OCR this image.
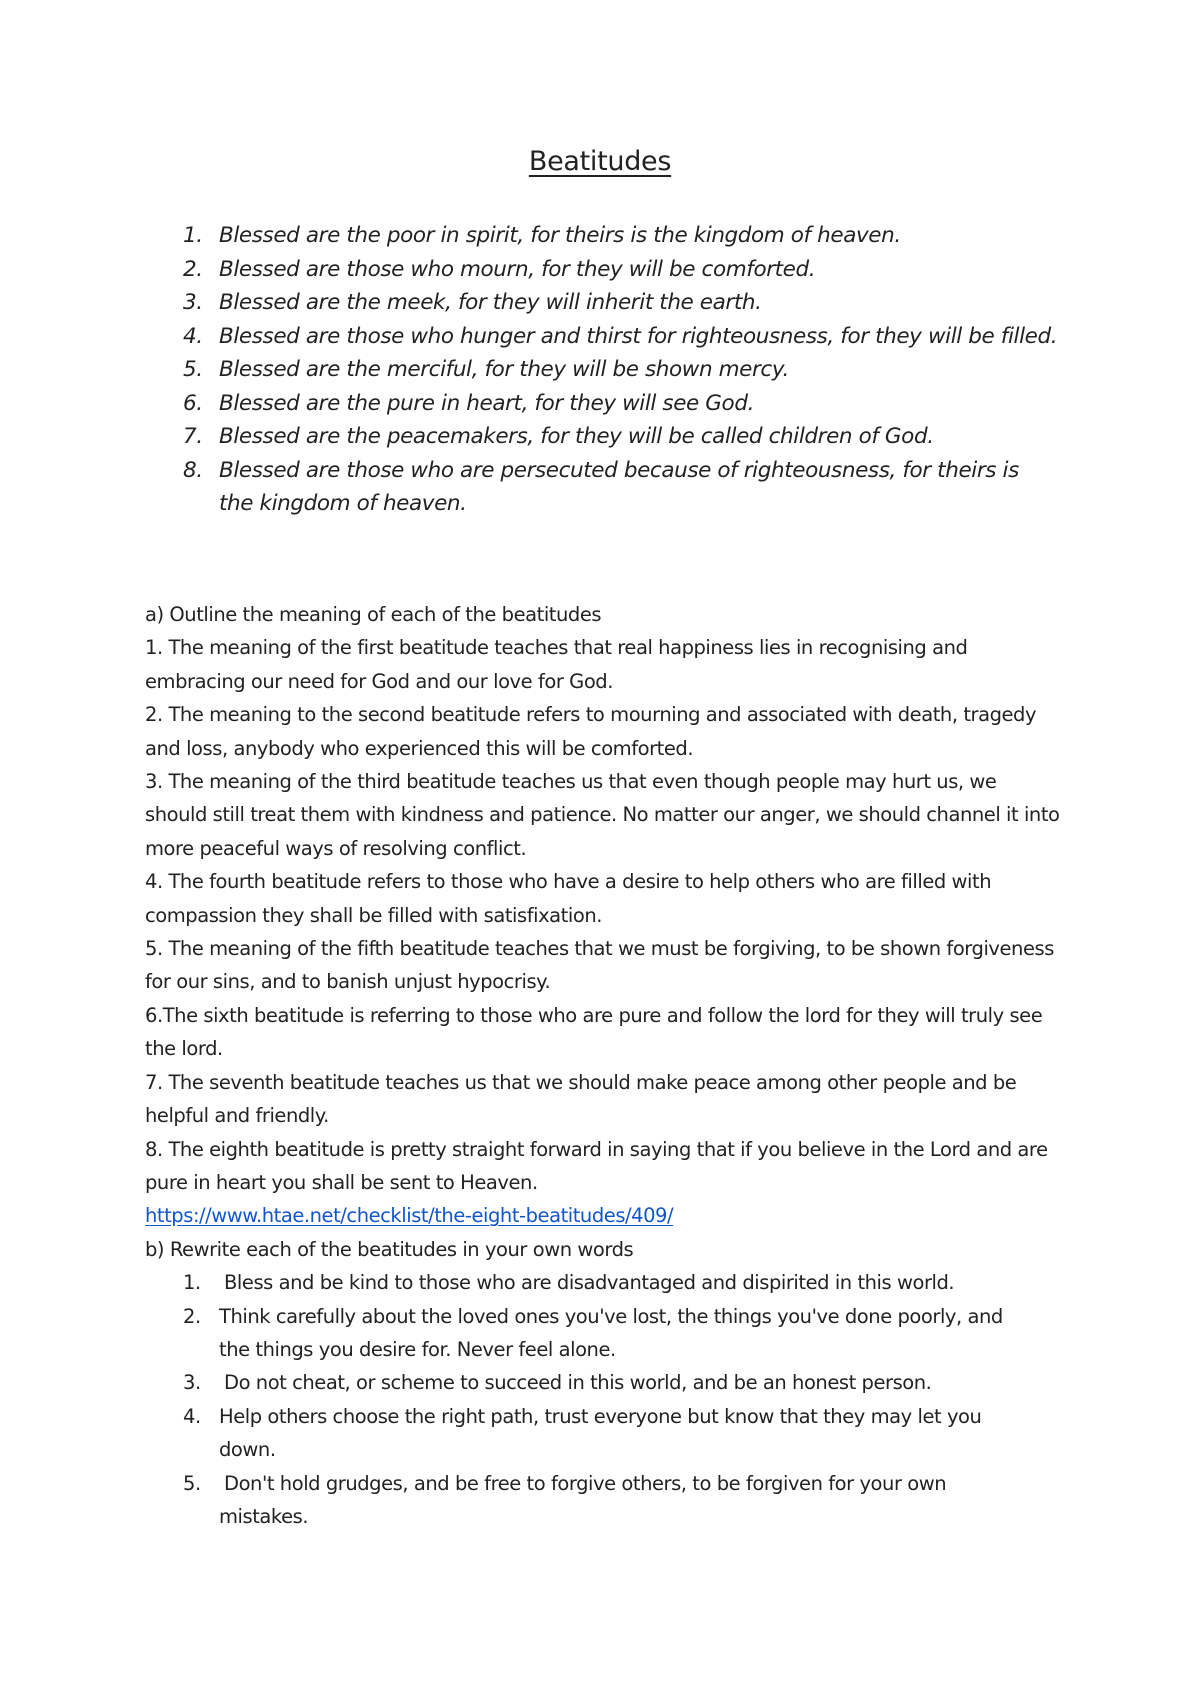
Beatitudes
1. Blessed are the poor in spirit, for theirs is the kingdom of heaven.
2. Blessed are those who mourn, for they will be comforted.
3. Blessed are the meek, for they will inherit the earth.
4. Blessed are those who hunger and thirst for righteousness, for they will be filled.
5. Blessed are the merciful, for they will be shown mercy.
6. Blessed are the pure in heart, for they will see God.
7. Blessed are the peacemakers, for they will be called children of God.
8. Blessed are those who are persecuted because of righteousness, for theirs is the kingdom of heaven.

a) Outline the meaning of each of the beatitudes

1. The meaning of the first beatitude teaches that real happiness lies in recognising and embracing our need for God and our love for God.

2. The meaning to the second beatitude refers to mourning and associated with death, tragedy and loss, anybody who experienced this will be comforted.

3. The meaning of the third beatitude teaches us that even though people may hurt us, we should still treat them with kindness and patience. No matter our anger, we should channel it into more peaceful ways of resolving conflict.

4. The fourth beatitude refers to those who have a desire to help others who are filled with compassion they shall be filled with satisfixation.

5. The meaning of the fifth beatitude teaches that we must be forgiving, to be shown forgiveness for our sins, and to banish unjust hypocrisy.

6.The sixth beatitude is referring to those who are pure and follow the lord for they will truly see the lord.

7. The seventh beatitude teaches us that we should make peace among other people and be helpful and friendly.

8. The eighth beatitude is pretty straight forward in saying that if you believe in the Lord and are pure in heart you shall be sent to Heaven.

https://www.htae.net/checklist/the-eight-beatitudes/409/

b) Rewrite each of the beatitudes in your own words

1. Bless and be kind to those who are disadvantaged and dispirited in this world.
2. Think carefully about the loved ones you've lost, the things you've done poorly, and the things you desire for. Never feel alone.
3. Do not cheat, or scheme to succeed in this world, and be an honest person.
4. Help others choose the right path, trust everyone but know that they may let you down.
5. Don't hold grudges, and be free to forgive others, to be forgiven for your own mistakes.
